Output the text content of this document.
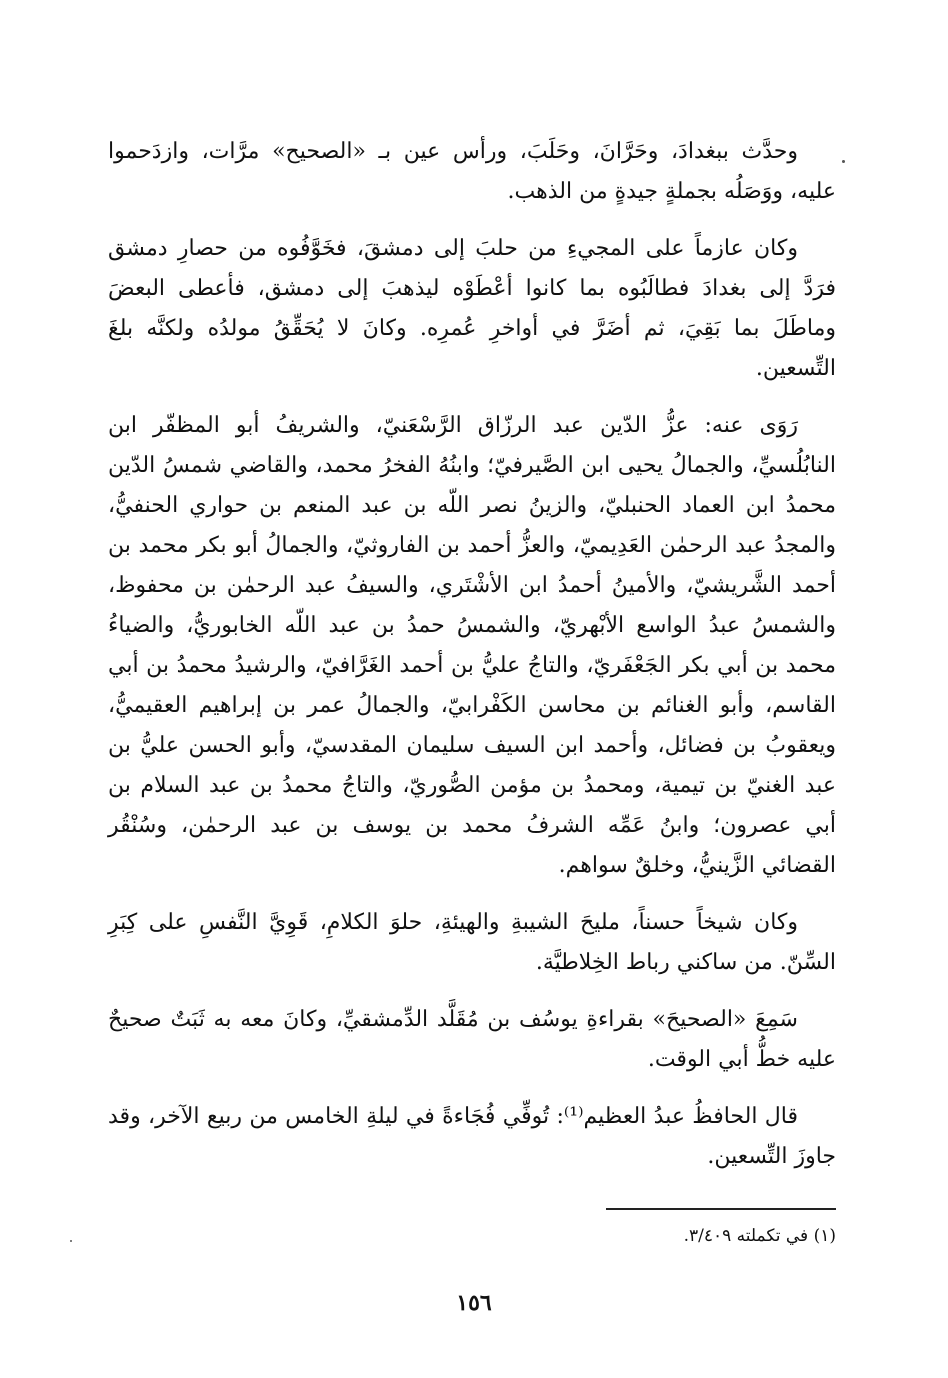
وحدَّث ببغدادَ، وحَرَّانَ، وحَلَبَ، ورأس عين بـ «الصحيح» مرَّات، وازدَحموا عليه، ووَصَلُه بجملةٍ جيدةٍ من الذهب.

وكان عازماً على المجيءِ من حلبَ إلى دمشقَ، فخَوَّفُوه من حصارِ دمشق فرَدَّ إلى بغدادَ فطالَبُوه بما كانوا أعْطَوْه ليذهبَ إلى دمشق، فأعطى البعضَ وماطَلَ بما بَقِيَ، ثم أضَرَّ في أواخرِ عُمرِه. وكانَ لا يُحَقِّقُ مولدُه ولكنَّه بلغَ التِّسعين.

رَوَى عنه: عزُّ الدّين عبد الرزّاق الرَّسْعَنيّ، والشريفُ أبو المظفّر ابن النابُلُسيِّ، والجمالُ يحيى ابن الصَّيرفيّ؛ وابنُهُ الفخرُ محمد، والقاضي شمسُ الدّين محمدُ ابن العماد الحنبليّ، والزينُ نصر اللّه بن عبد المنعم بن حواري الحنفيُّ، والمجدُ عبد الرحمٰن العَدِيميّ، والعزُّ أحمد بن الفاروثيّ، والجمالُ أبو بكر محمد بن أحمد الشَّريشيّ، والأمينُ أحمدُ ابن الأشْتَري، والسيفُ عبد الرحمٰن بن محفوظ، والشمسُ عبدُ الواسع الأبْهريّ، والشمسُ حمدُ بن عبد اللّه الخابوريُّ، والضياءُ محمد بن أبي بكر الجَعْفَريّ، والتاجُ عليُّ بن أحمد الغَرَّافيّ، والرشيدُ محمدُ بن أبي القاسم، وأبو الغنائم بن محاسن الكَفْرابيّ، والجمالُ عمر بن إبراهيم العقيميُّ، ويعقوبُ بن فضائل، وأحمد ابن السيف سليمان المقدسيّ، وأبو الحسن عليُّ بن عبد الغنيّ بن تيمية، ومحمدُ بن مؤمن الصُّوريّ، والتاجُ محمدُ بن عبد السلام بن أبي عصرون؛ وابنُ عَمِّه الشرفُ محمد بن يوسف بن عبد الرحمٰن، وسُنْقُر القضائي الزَّينيُّ، وخلقٌ سواهم.

وكان شيخاً حسناً، مليحَ الشيبةِ والهيئةِ، حلوَ الكلامِ، قَوِيَّ النَّفسِ على كِبَرِ السِّنّ. من ساكني رباط الخِلاطيَّة.

سَمِعَ «الصحيحَ» بقراءةِ يوسُف بن مُقَلَّد الدِّمشقيِّ، وكانَ معه به ثَبَتٌ صحيحٌ عليه خطُّ أبي الوقت.

قال الحافظُ عبدُ العظيم⁽¹⁾: تُوفِّي فُجَاءةً في ليلةِ الخامس من ربيع الآخر، وقد جاوزَ التِّسعين.

(١) في تكملته ٣/٤٠٩.
١٥٦
